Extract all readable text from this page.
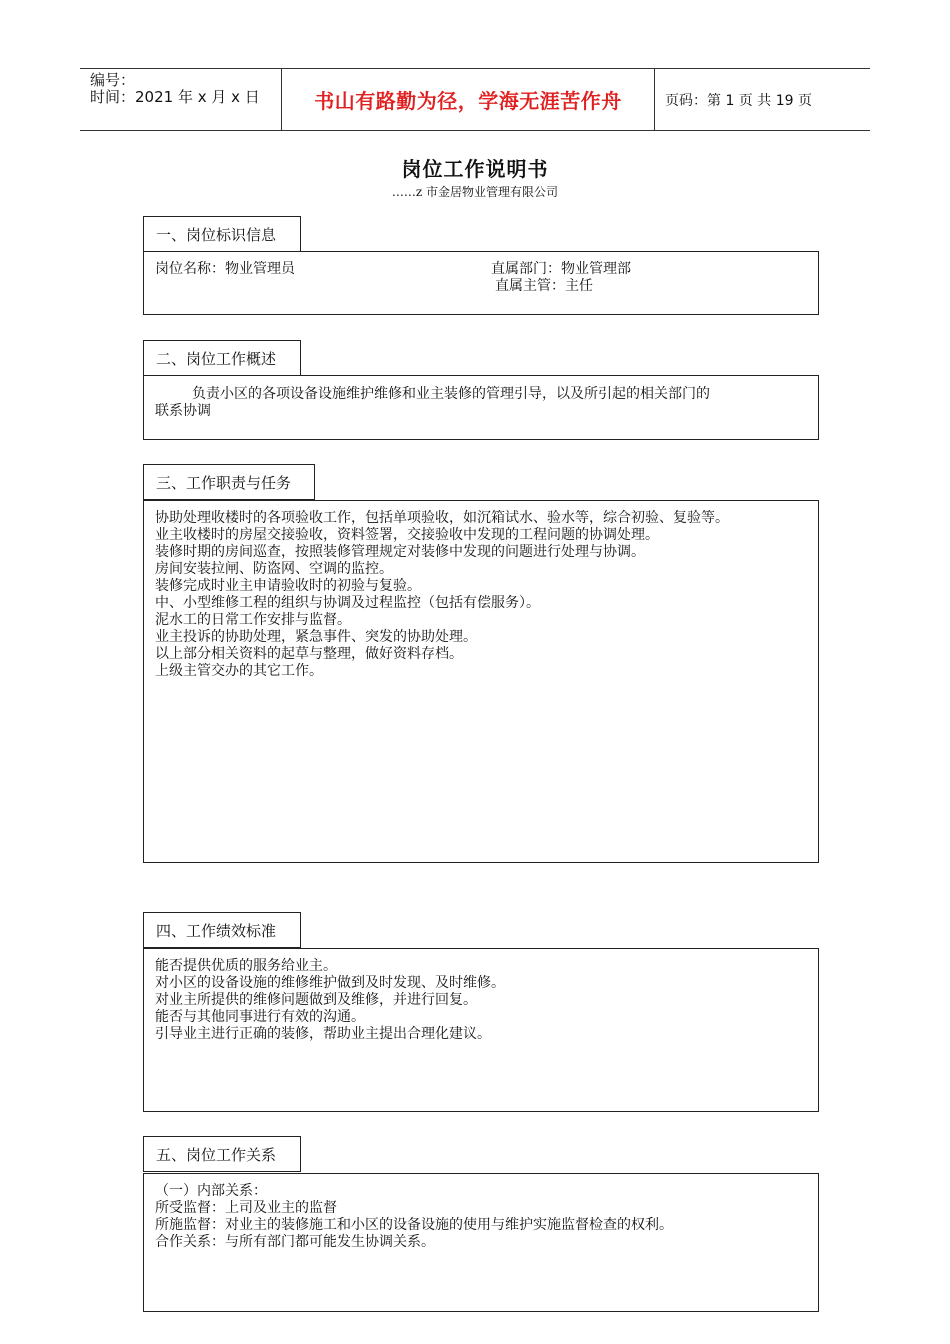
编号：
时间：2021 年 x 月 x 日	书山有路勤为径，学海无涯苦作舟	页码：第 1 页 共 19 页
岗位工作说明书
……z 市金居物业管理有限公司
一、岗位标识信息
岗位名称：物业管理员	直属部门：物业管理部
直属主管：主任
二、岗位工作概述
负责小区的各项设备设施维护维修和业主装修的管理引导，以及所引起的相关部门的
联系协调
三、工作职责与任务
协助处理收楼时的各项验收工作，包括单项验收，如沉箱试水、验水等，综合初验、复验等。
业主收楼时的房屋交接验收，资料签署，交接验收中发现的工程问题的协调处理。
装修时期的房间巡查，按照装修管理规定对装修中发现的问题进行处理与协调。
房间安装拉闸、防盗网、空调的监控。
装修完成时业主申请验收时的初验与复验。
中、小型维修工程的组织与协调及过程监控（包括有偿服务）。
泥水工的日常工作安排与监督。
业主投诉的协助处理，紧急事件、突发的协助处理。
以上部分相关资料的起草与整理，做好资料存档。
上级主管交办的其它工作。
四、工作绩效标准
能否提供优质的服务给业主。
对小区的设备设施的维修维护做到及时发现、及时维修。
对业主所提供的维修问题做到及维修，并进行回复。
能否与其他同事进行有效的沟通。
引导业主进行正确的装修，帮助业主提出合理化建议。
五、岗位工作关系
（一）内部关系：
所受监督：上司及业主的监督
所施监督：对业主的装修施工和小区的设备设施的使用与维护实施监督检查的权利。
合作关系：与所有部门都可能发生协调关系。
